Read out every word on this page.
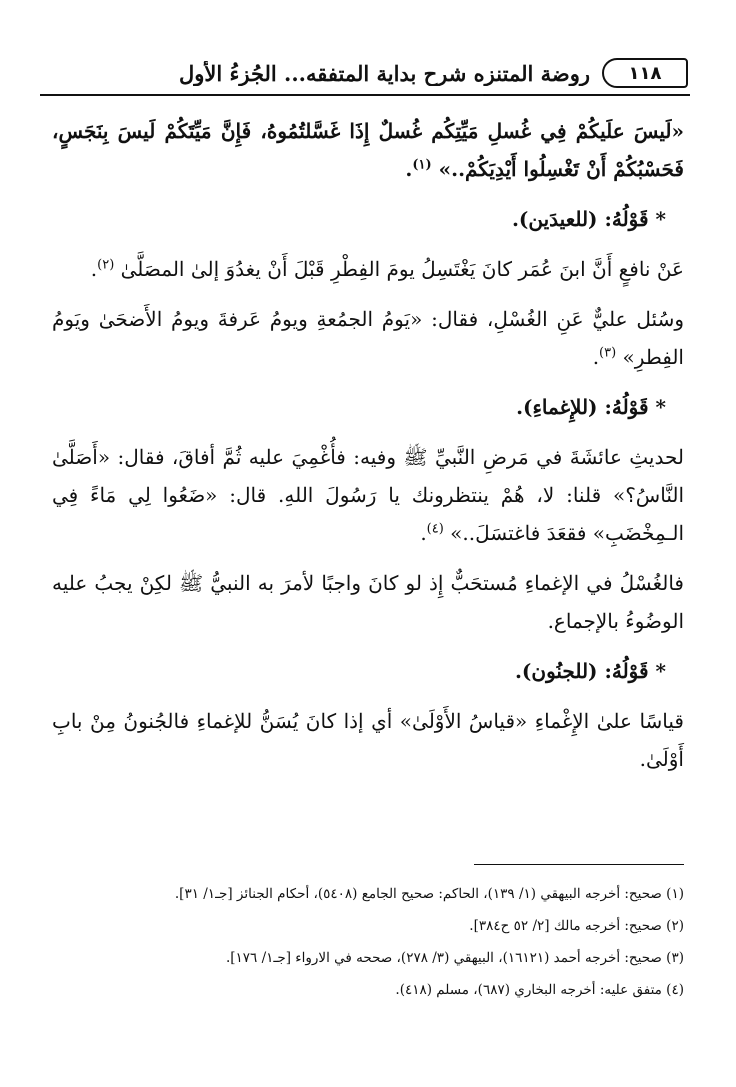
١١٨
روضة المتنزه شرح بداية المتفقه... الجُزءُ الأول

«لَيسَ علَيكُمْ فِي غُسلِ مَيِّتِكُم غُسلٌ إِذَا غَسَّلتُمُوهُ، فَإِنَّ مَيِّتَكُمْ لَيسَ بِنَجَسٍ، فَحَسْبُكُمْ أَنْ تَغْسِلُوا أَيْدِيَكُمْ..» $^{(١)}$.

* قَوْلُهُ: (للعيدَين).

عَنْ نافعٍ أَنَّ ابنَ عُمَر كانَ يَغْتَسِلُ يومَ الفِطْرِ قَبْلَ أَنْ يغدُوَ إلىٰ المصَلَّىٰ $^{(٢)}$.

وسُئل عليٌّ عَنِ الغُسْلِ، فقال: «يَومُ الجمُعةِ ويومُ عَرفةَ ويومُ الأَضحَىٰ ويَومُ الفِطرِ» $^{(٣)}$.

* قَوْلُهُ: (للإِغماءِ).

لحديثِ عائشَةَ في مَرضِ النَّبيِّ ﷺ وفيه: فأُغْمِيَ عليه ثُمَّ أفاقَ، فقال: «أَصَلَّىٰ النَّاسُ؟» قلنا: لا، هُمْ ينتظرونك يا رَسُولَ اللهِ. قال: «ضَعُوا لِي مَاءً فِي الـمِخْضَبِ» فقعَدَ فاغتسَلَ..» $^{(٤)}$.

فالغُسْلُ في الإغماءِ مُستحَبٌّ إِذ لو كانَ واجبًا لأمرَ به النبيُّ ﷺ لكِنْ يجبُ عليه الوضُوءُ بالإجماع.

* قَوْلُهُ: (للجنُون).

قياسًا علىٰ الإِغْماءِ «قياسُ الأَوْلَىٰ» أي إذا كانَ يُسَنُّ للإغماءِ فالجُنونُ مِنْ بابِ أَوْلَىٰ.

(١) صحيح: أخرجه البيهقي (١/ ١٣٩)، الحاكم: صحيح الجامع (٥٤٠٨)، أحكام الجنائز [جـ١/ ٣١].
(٢) صحيح: أخرجه مالك [٢/ ٥٢ ح٣٨٤].
(٣) صحيح: أخرجه أحمد (١٦١٢١)، البيهقي (٣/ ٢٧٨)، صححه في الارواء [جـ١/ ١٧٦].
(٤) متفق عليه: أخرجه البخاري (٦٨٧)، مسلم (٤١٨).
